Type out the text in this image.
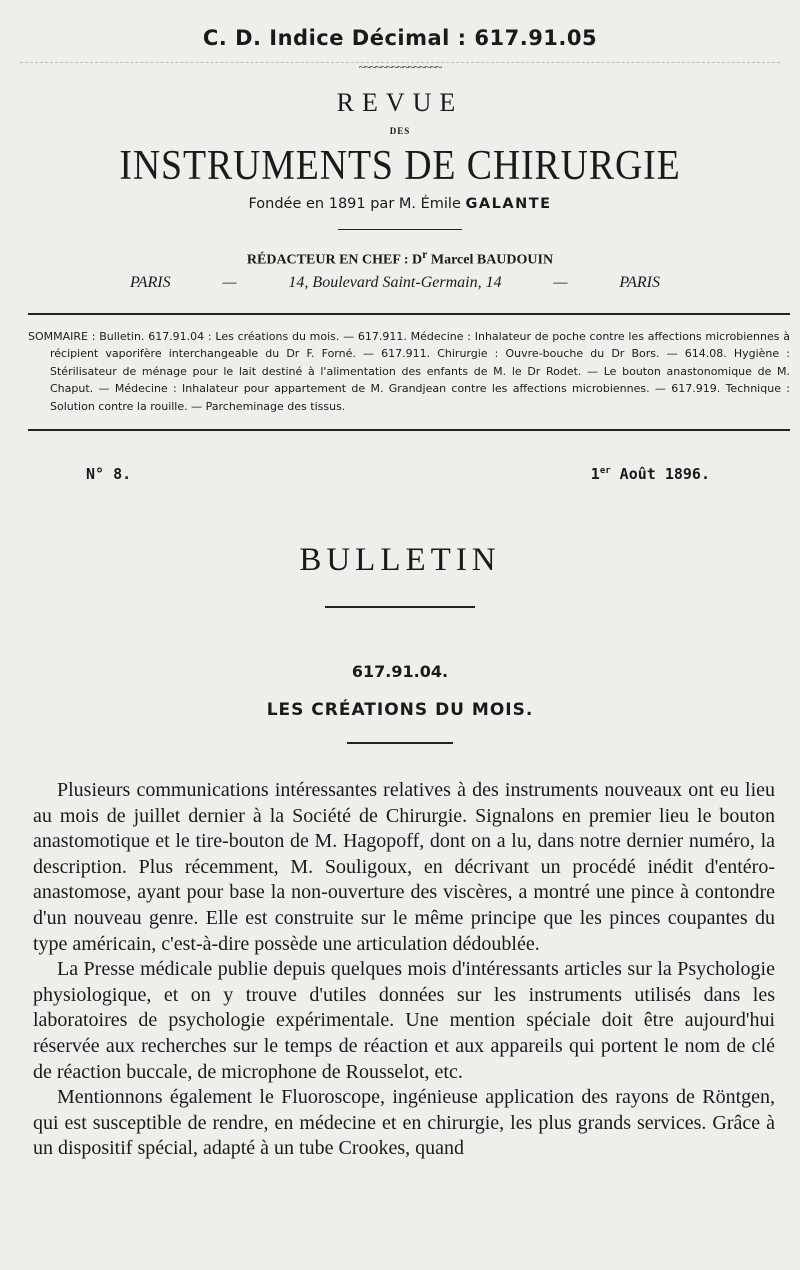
C. D. Indice Décimal : 617.91.05
~~~~~~~~~~~~~~~
REVUE
DES
INSTRUMENTS DE CHIRURGIE
Fondée en 1891 par M. Émile GALANTE
RÉDACTEUR EN CHEF : $D^r$ Marcel BAUDOUIN
PARIS	—	14, Boulevard Saint-Germain, 14	—	PARIS
SOMMAIRE : Bulletin. 617.91.04 : Les créations du mois. — 617.911. Médecine : Inhalateur de poche contre les affections microbiennes à récipient vaporifère interchangeable du Dr F. Forné. — 617.911. Chirurgie : Ouvre-bouche du Dr Bors. — 614.08. Hygiène : Stérilisateur de ménage pour le lait destiné à l'alimentation des enfants de M. le Dr Rodet. — Le bouton anastonomique de M. Chaput. — Médecine : Inhalateur pour appartement de M. Grandjean contre les affections microbiennes. — 617.919. Technique : Solution contre la rouille. — Parcheminage des tissus.
N° 8.	1er Août 1896.
BULLETIN
617.91.04.
LES CRÉATIONS DU MOIS.

Plusieurs communications intéressantes relatives à des instruments nouveaux ont eu lieu au mois de juillet dernier à la Société de Chirurgie. Signalons en premier lieu le bouton anastomotique et le tire-bouton de M. Hagopoff, dont on a lu, dans notre dernier numéro, la description. Plus récemment, M. Souligoux, en décrivant un procédé inédit d'entéro-anastomose, ayant pour base la non-ouverture des viscères, a montré une pince à contondre d'un nouveau genre. Elle est construite sur le même principe que les pinces coupantes du type américain, c'est-à-dire possède une articulation dédoublée.

La Presse médicale publie depuis quelques mois d'intéressants articles sur la Psychologie physiologique, et on y trouve d'utiles données sur les instruments utilisés dans les laboratoires de psychologie expérimentale. Une mention spéciale doit être aujourd'hui réservée aux recherches sur le temps de réaction et aux appareils qui portent le nom de clé de réaction buccale, de microphone de Rousselot, etc.

Mentionnons également le Fluoroscope, ingénieuse application des rayons de Röntgen, qui est susceptible de rendre, en médecine et en chirurgie, les plus grands services. Grâce à un dispositif spécial, adapté à un tube Crookes, quand
